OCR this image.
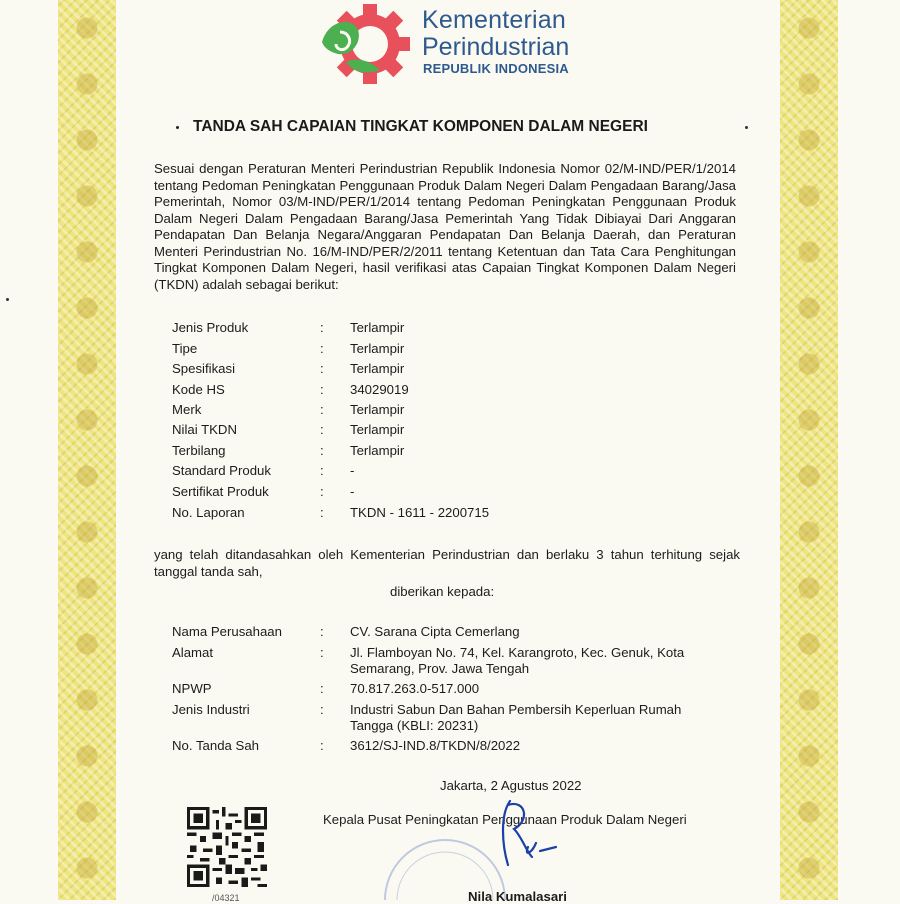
Kementerian
Perindustrian
REPUBLIK INDONESIA
TANDA SAH CAPAIAN TINGKAT KOMPONEN DALAM NEGERI
Sesuai dengan Peraturan Menteri Perindustrian Republik Indonesia Nomor 02/M-IND/PER/1/2014 tentang Pedoman Peningkatan Penggunaan Produk Dalam Negeri Dalam Pengadaan Barang/Jasa Pemerintah, Nomor 03/M-IND/PER/1/2014 tentang Pedoman Peningkatan Penggunaan Produk Dalam Negeri Dalam Pengadaan Barang/Jasa Pemerintah Yang Tidak Dibiayai Dari Anggaran Pendapatan Dan Belanja Negara/Anggaran Pendapatan Dan Belanja Daerah, dan Peraturan Menteri Perindustrian No. 16/M-IND/PER/2/2011 tentang Ketentuan dan Tata Cara Penghitungan Tingkat Komponen Dalam Negeri, hasil verifikasi atas Capaian Tingkat Komponen Dalam Negeri (TKDN) adalah sebagai berikut:
Jenis Produk	: Terlampir
Tipe	: Terlampir
Spesifikasi	: Terlampir
Kode HS	: 34029019
Merk	: Terlampir
Nilai TKDN	: Terlampir
Terbilang	: Terlampir
Standard Produk	: -
Sertifikat Produk	: -
No. Laporan	: TKDN - 1611 - 2200715
yang telah ditandasahkan oleh Kementerian Perindustrian dan berlaku 3 tahun terhitung sejak tanggal tanda sah,
diberikan kepada:
Nama Perusahaan	: CV. Sarana Cipta Cemerlang
Alamat	: Jl. Flamboyan No. 74, Kel. Karangroto, Kec. Genuk, Kota Semarang, Prov. Jawa Tengah
NPWP	: 70.817.263.0-517.000
Jenis Industri	: Industri Sabun Dan Bahan Pembersih Keperluan Rumah Tangga (KBLI: 20231)
No. Tanda Sah	: 3612/SJ-IND.8/TKDN/8/2022
Jakarta, 2 Agustus 2022
Kepala Pusat Peningkatan Penggunaan Produk Dalam Negeri
Nila Kumalasari
/04321
